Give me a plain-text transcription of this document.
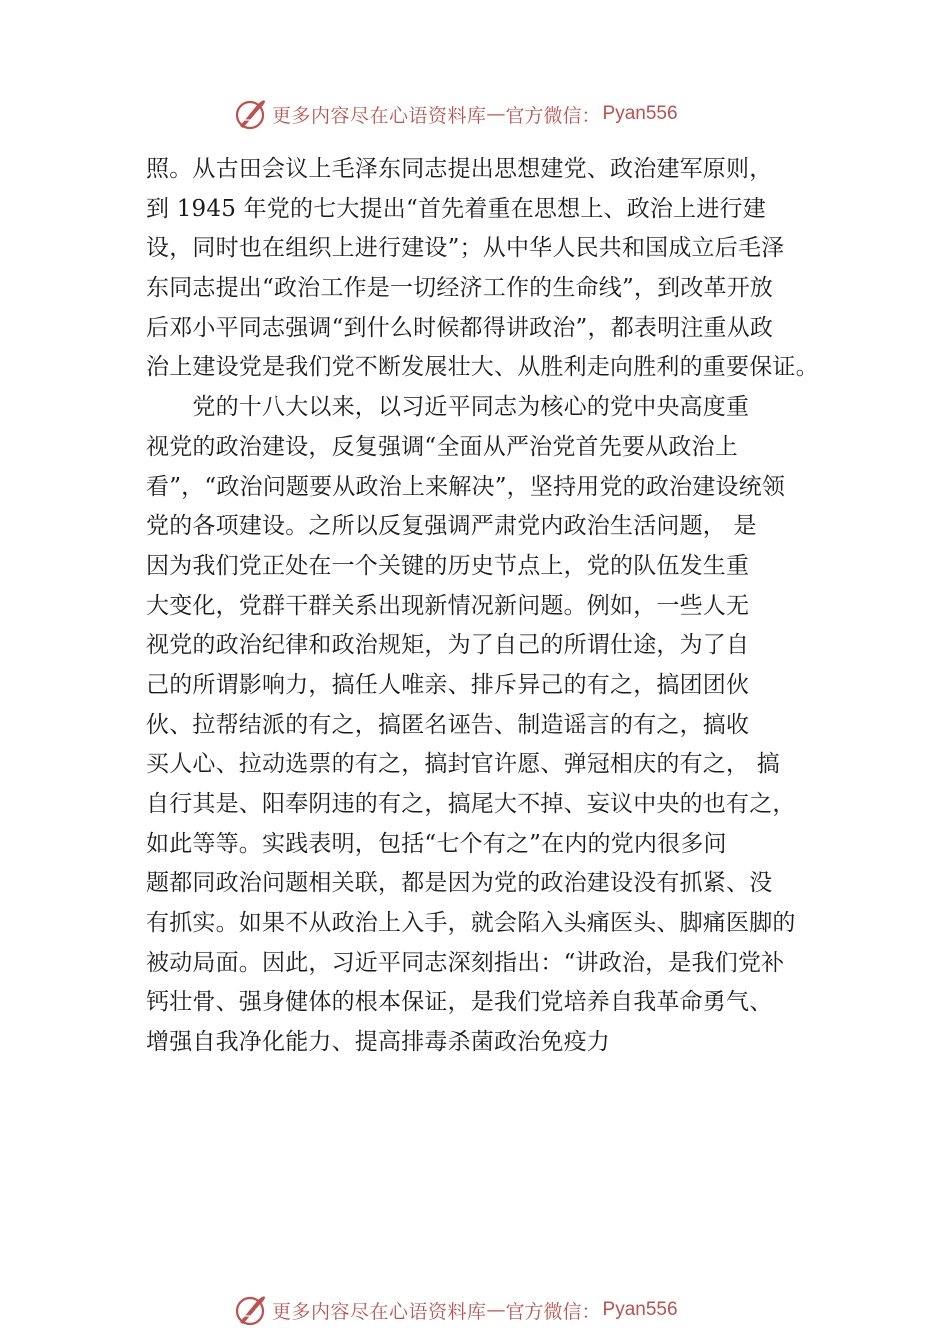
更多内容尽在心语资料库 — 官方微信： Pyan556
照。从古田会议上毛泽东同志提出思想建党、政治建军原则，
到 1945 年党的七大提出“首先着重在思想上、政治上进行建
设，同时也在组织上进行建设”；从中华人民共和国成立后毛泽
东同志提出“政治工作是一切经济工作的生命线”，到改革开放
后邓小平同志强调“到什么时候都得讲政治”，都表明注重从政
治上建设党是我们党不断发展壮大、从胜利走向胜利的重要保证。
　　党的十八大以来，以习近平同志为核心的党中央高度重
视党的政治建设，反复强调“全面从严治党首先要从政治上
看”，“政治问题要从政治上来解决”，坚持用党的政治建设统领
党的各项建设。之所以反复强调严肃党内政治生活问题， 是
因为我们党正处在一个关键的历史节点上，党的队伍发生重
大变化，党群干群关系出现新情况新问题。例如，一些人无
视党的政治纪律和政治规矩，为了自己的所谓仕途，为了自
己的所谓影响力，搞任人唯亲、排斥异己的有之，搞团团伙
伙、拉帮结派的有之，搞匿名诬告、制造谣言的有之，搞收
买人心、拉动选票的有之，搞封官许愿、弹冠相庆的有之， 搞
自行其是、阳奉阴违的有之，搞尾大不掉、妄议中央的也有之，
如此等等。实践表明，包括“七个有之”在内的党内很多问
题都同政治问题相关联，都是因为党的政治建设没有抓紧、没
有抓实。如果不从政治上入手，就会陷入头痛医头、脚痛医脚的
被动局面。因此，习近平同志深刻指出：“讲政治，是我们党补
钙壮骨、强身健体的根本保证，是我们党培养自我革命勇气、
增强自我净化能力、提高排毒杀菌政治免疫力
更多内容尽在心语资料库 — 官方微信： Pyan556
